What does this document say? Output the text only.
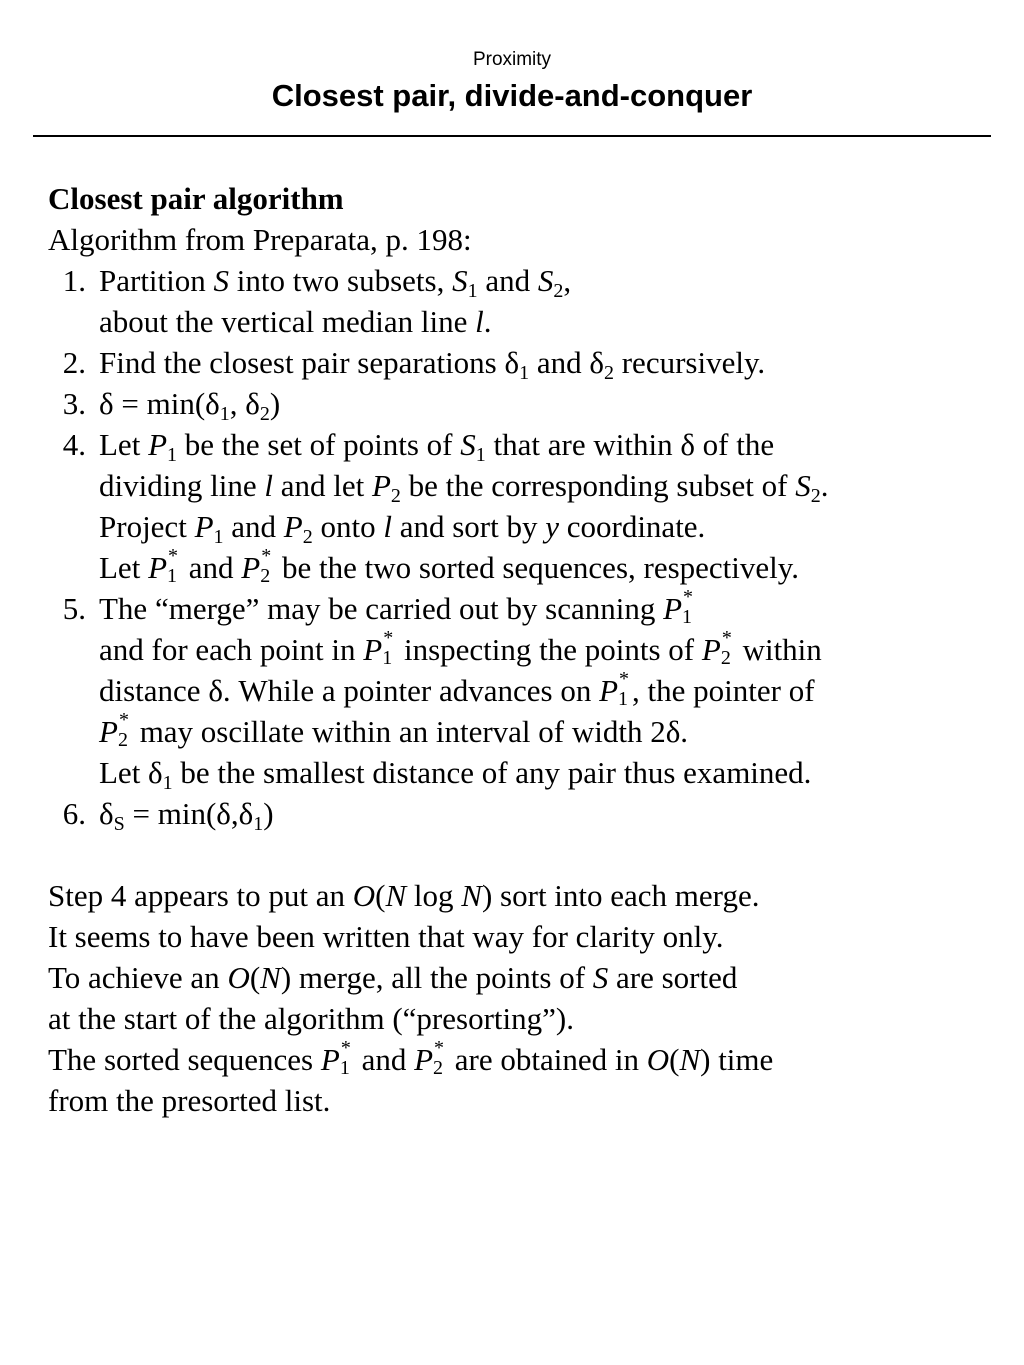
Proximity
Closest pair, divide-and-conquer
Closest pair algorithm
Algorithm from Preparata, p. 198:
1. Partition S into two subsets, $S_1$ and $S_2$,
about the vertical median line l.
2. Find the closest pair separations $\delta_1$ and $\delta_2$ recursively.
3. $\delta = \min(\delta_1$, $\delta_2$)
4. Let $P_1$ be the set of points of $S_1$ that are within δ of the
dividing line l and let $P_2$ be the corresponding subset of $S_2$.
Project $P_1$ and $P_2$ onto l and sort by y coordinate.
Let P *
1 and P *
2 be the two sorted sequences, respectively.
5. The “merge” may be carried out by scanning P *
1
and for each point in P *
1 inspecting the points of P *
2 within
distance δ. While a pointer advances on P *
1 , the pointer of
P *
2 may oscillate within an interval of width 2δ.
Let $\delta_1$ be the smallest distance of any pair thus examined.
6. $\delta_S = \min(\delta,\delta_1)$
Step 4 appears to put an O(N log N) sort into each merge.
It seems to have been written that way for clarity only.
To achieve an O(N) merge, all the points of S are sorted
at the start of the algorithm (“presorting”).
The sorted sequences P *
1 and P *
2 are obtained in O(N) time
from the presorted list.
